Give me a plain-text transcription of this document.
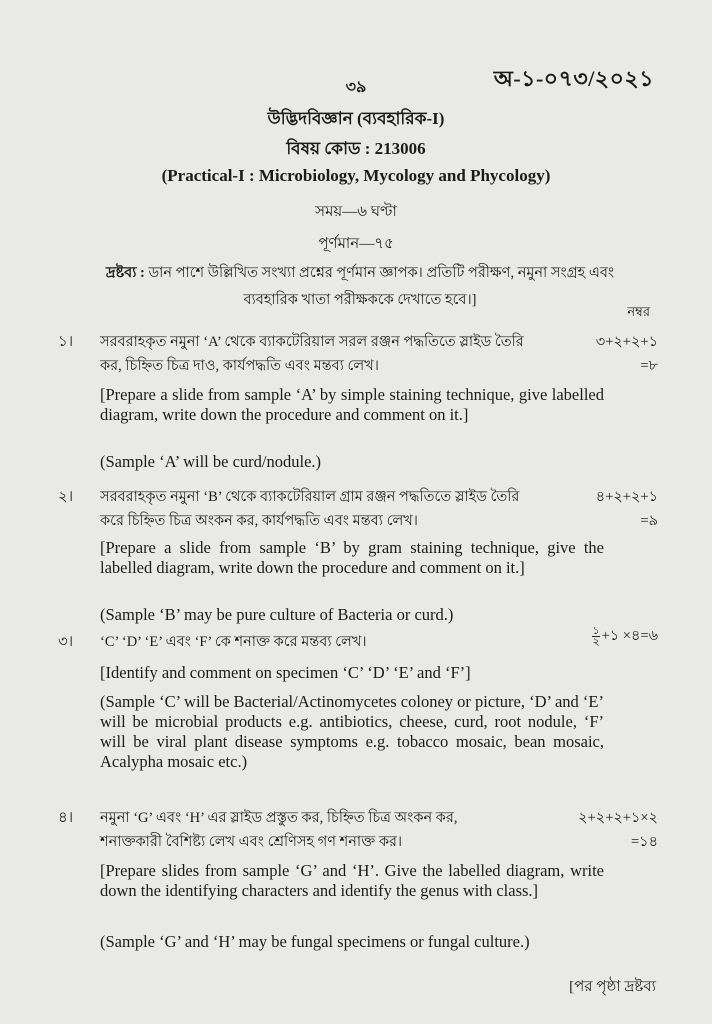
অ-১-০৭৩/২০২১
৩৯
উদ্ভিদবিজ্ঞান (ব্যবহারিক-I)
বিষয় কোড : 213006
(Practical-I : Microbiology, Mycology and Phycology)
সময়—৬ ঘণ্টা
পূর্ণমান—৭৫
দ্রষ্টব্য : ডান পাশে উল্লিখিত সংখ্যা প্রশ্নের পূর্ণমান জ্ঞাপক। প্রতিটি পরীক্ষণ, নমুনা সংগ্রহ এবং
ব্যবহারিক খাতা পরীক্ষককে দেখাতে হবে।]
নম্বর
১। সরবরাহকৃত নমুনা ‘A’ থেকে ব্যাকটেরিয়াল সরল রঞ্জন পদ্ধতিতে স্লাইড তৈরি
কর, চিহ্নিত চিত্র দাও, কার্যপদ্ধতি এবং মন্তব্য লেখ।
৩+২+২+১
=৮
[Prepare a slide from sample ‘A’ by simple staining technique, give labelled diagram, write down the procedure and comment on it.]
(Sample ‘A’ will be curd/nodule.)
২। সরবরাহকৃত নমুনা ‘B’ থেকে ব্যাকটেরিয়াল গ্রাম রঞ্জন পদ্ধতিতে স্লাইড তৈরি
করে চিহ্নিত চিত্র অংকন কর, কার্যপদ্ধতি এবং মন্তব্য লেখ।
৪+২+২+১
=৯
[Prepare a slide from sample ‘B’ by gram staining technique, give the labelled diagram, write down the procedure and comment on it.]
(Sample ‘B’ may be pure culture of Bacteria or curd.)
৩। ‘C’ ‘D’ ‘E’ এবং ‘F’ কে শনাক্ত করে মন্তব্য লেখ।	$\frac{১}{২}$ +১ ×৪=৬
[Identify and comment on specimen ‘C’ ‘D’ ‘E’ and ‘F’]
(Sample ‘C’ will be Bacterial/Actinomycetes coloney or picture, ‘D’ and ‘E’ will be microbial products e.g. antibiotics, cheese, curd, root nodule, ‘F’ will be viral plant disease symptoms e.g. tobacco mosaic, bean mosaic, Acalypha mosaic etc.)
৪। নমুনা ‘G’ এবং ‘H’ এর স্লাইড প্রস্তুত কর, চিহ্নিত চিত্র অংকন কর,
শনাক্তকারী বৈশিষ্ট্য লেখ এবং শ্রেণিসহ গণ শনাক্ত কর।
২+২+২+১×২
=১৪
[Prepare slides from sample ‘G’ and ‘H’. Give the labelled diagram, write down the identifying characters and identify the genus with class.]
(Sample ‘G’ and ‘H’ may be fungal specimens or fungal culture.)
[পর পৃষ্ঠা দ্রষ্টব্য
